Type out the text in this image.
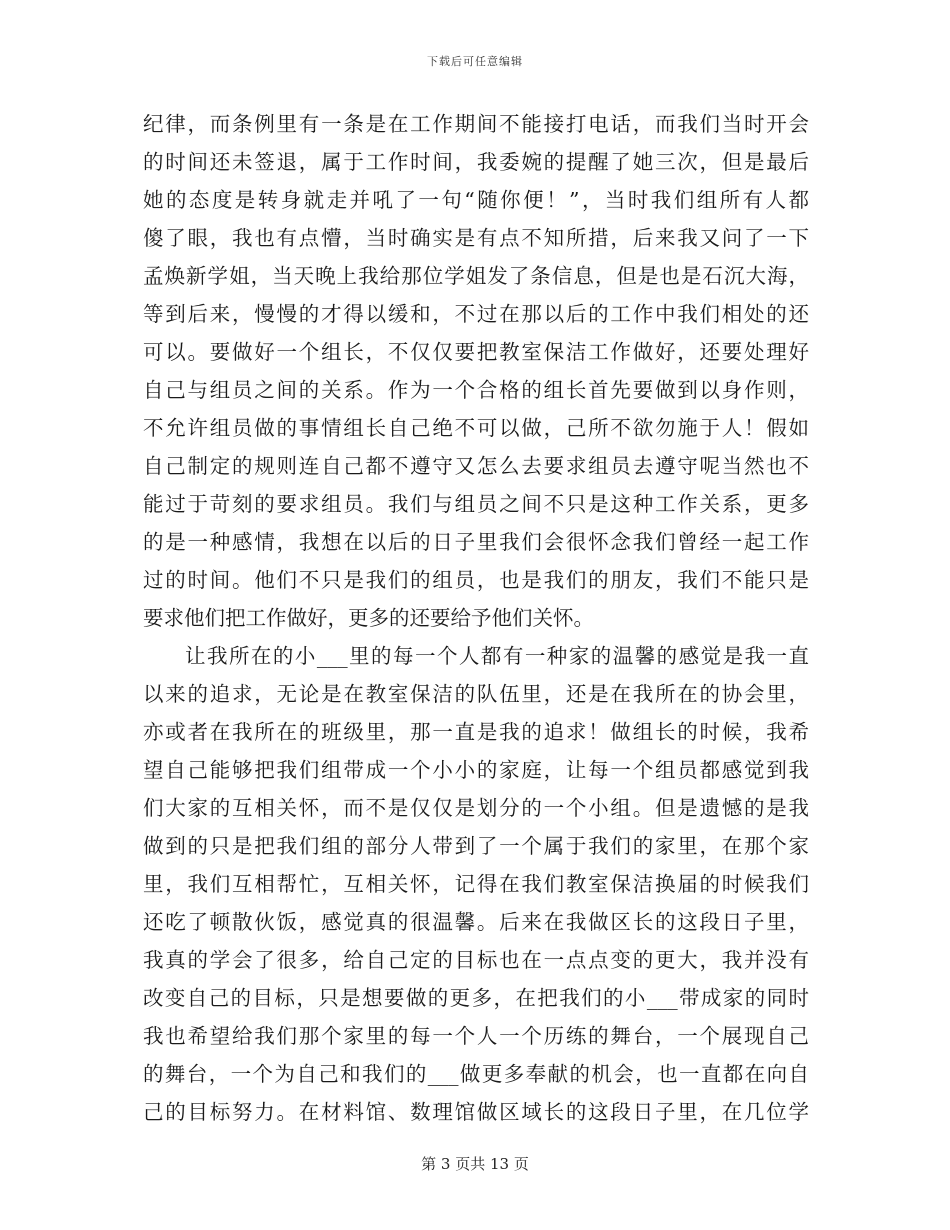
下载后可任意编辑
纪律，而条例里有一条是在工作期间不能接打电话，而我们当时开会
的时间还未签退，属于工作时间，我委婉的提醒了她三次，但是最后
她的态度是转身就走并吼了一句“随你便！”，当时我们组所有人都
傻了眼，我也有点懵，当时确实是有点不知所措，后来我又问了一下
孟焕新学姐，当天晚上我给那位学姐发了条信息，但是也是石沉大海，
等到后来，慢慢的才得以缓和，不过在那以后的工作中我们相处的还
可以。要做好一个组长，不仅仅要把教室保洁工作做好，还要处理好
自己与组员之间的关系。作为一个合格的组长首先要做到以身作则，
不允许组员做的事情组长自己绝不可以做，己所不欲勿施于人！假如
自己制定的规则连自己都不遵守又怎么去要求组员去遵守呢当然也不
能过于苛刻的要求组员。我们与组员之间不只是这种工作关系，更多
的是一种感情，我想在以后的日子里我们会很怀念我们曾经一起工作
过的时间。他们不只是我们的组员，也是我们的朋友，我们不能只是
要求他们把工作做好，更多的还要给予他们关怀。
让我所在的小___里的每一个人都有一种家的温馨的感觉是我一直
以来的追求，无论是在教室保洁的队伍里，还是在我所在的协会里，
亦或者在我所在的班级里，那一直是我的追求！做组长的时候，我希
望自己能够把我们组带成一个小小的家庭，让每一个组员都感觉到我
们大家的互相关怀，而不是仅仅是划分的一个小组。但是遗憾的是我
做到的只是把我们组的部分人带到了一个属于我们的家里，在那个家
里，我们互相帮忙，互相关怀，记得在我们教室保洁换届的时候我们
还吃了顿散伙饭，感觉真的很温馨。后来在我做区长的这段日子里，
我真的学会了很多，给自己定的目标也在一点点变的更大，我并没有
改变自己的目标，只是想要做的更多，在把我们的小___带成家的同时
我也希望给我们那个家里的每一个人一个历练的舞台，一个展现自己
的舞台，一个为自己和我们的___做更多奉献的机会，也一直都在向自
己的目标努力。在材料馆、数理馆做区域长的这段日子里，在几位学
第 3 页共 13 页
